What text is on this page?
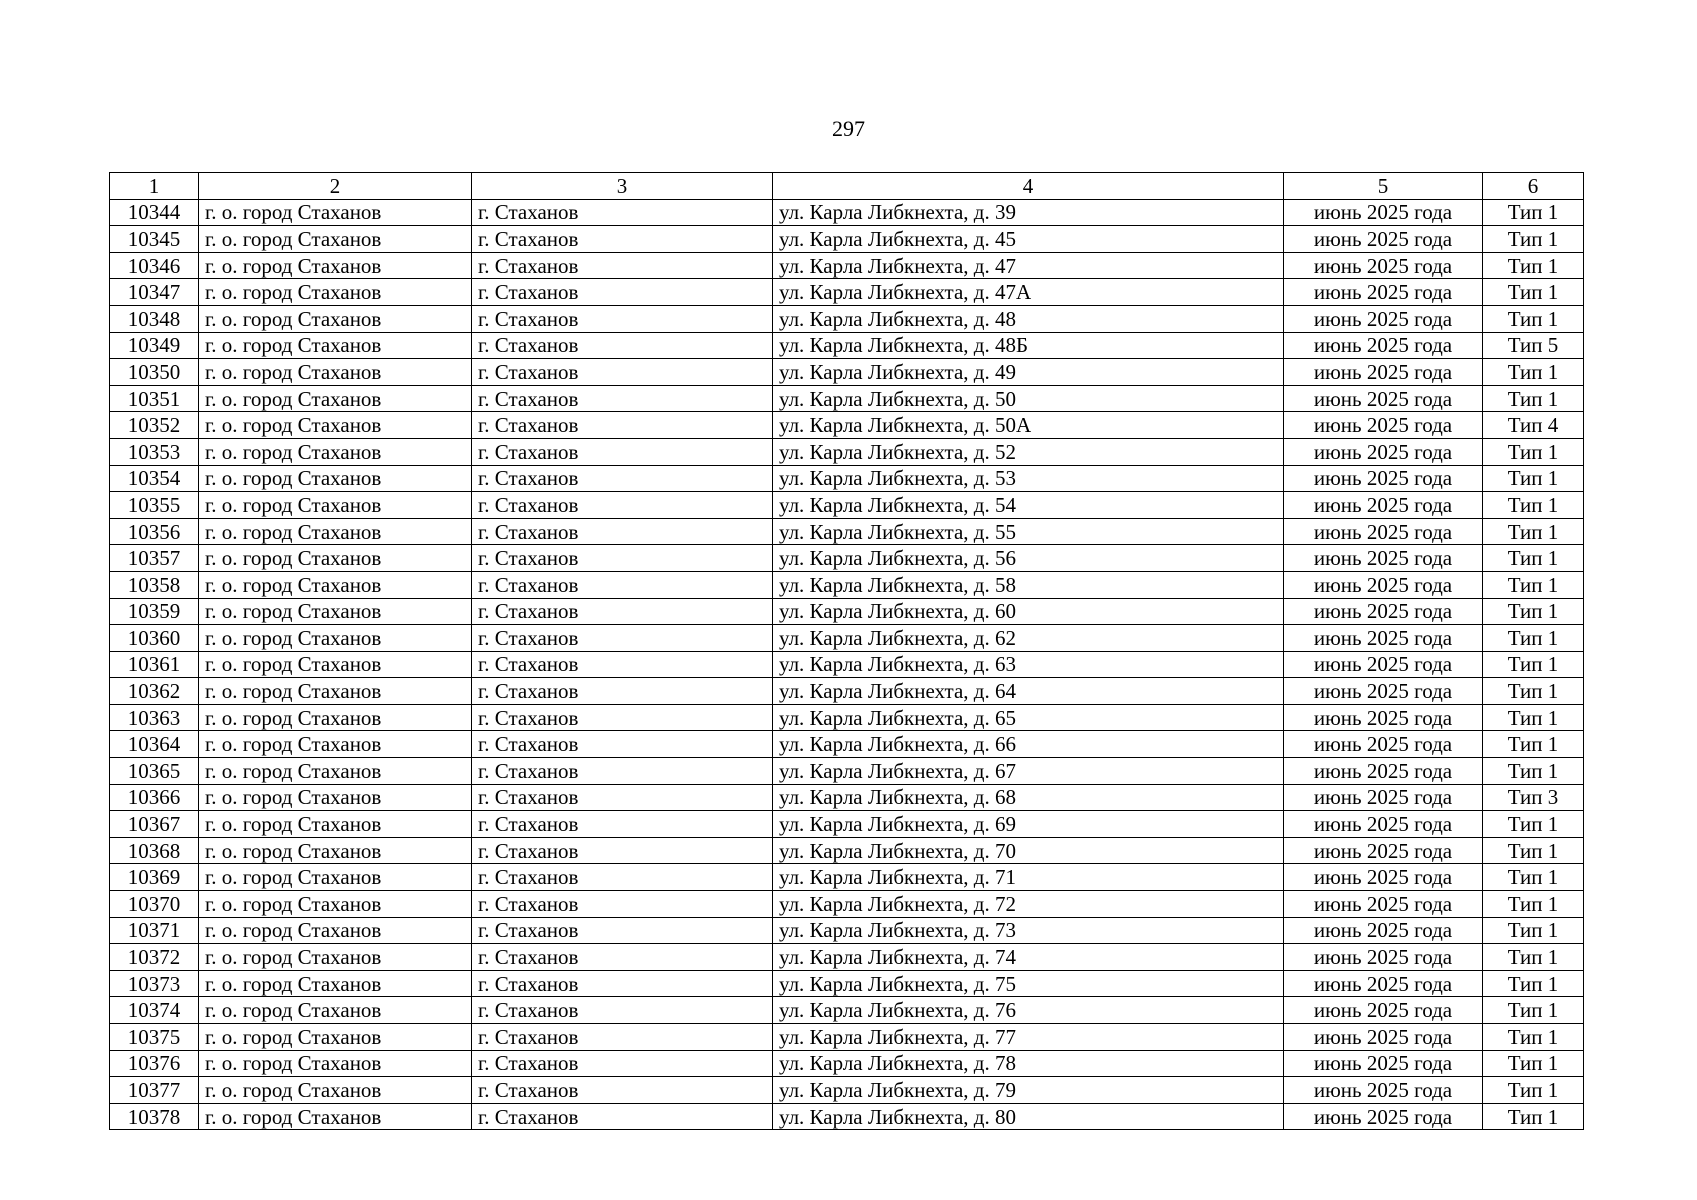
297
1	2	3	4	5	6
10344	г. о. город Стаханов	г. Стаханов	ул. Карла Либкнехта, д. 39	июнь 2025 года	Тип 1
10345	г. о. город Стаханов	г. Стаханов	ул. Карла Либкнехта, д. 45	июнь 2025 года	Тип 1
10346	г. о. город Стаханов	г. Стаханов	ул. Карла Либкнехта, д. 47	июнь 2025 года	Тип 1
10347	г. о. город Стаханов	г. Стаханов	ул. Карла Либкнехта, д. 47А	июнь 2025 года	Тип 1
10348	г. о. город Стаханов	г. Стаханов	ул. Карла Либкнехта, д. 48	июнь 2025 года	Тип 1
10349	г. о. город Стаханов	г. Стаханов	ул. Карла Либкнехта, д. 48Б	июнь 2025 года	Тип 5
10350	г. о. город Стаханов	г. Стаханов	ул. Карла Либкнехта, д. 49	июнь 2025 года	Тип 1
10351	г. о. город Стаханов	г. Стаханов	ул. Карла Либкнехта, д. 50	июнь 2025 года	Тип 1
10352	г. о. город Стаханов	г. Стаханов	ул. Карла Либкнехта, д. 50А	июнь 2025 года	Тип 4
10353	г. о. город Стаханов	г. Стаханов	ул. Карла Либкнехта, д. 52	июнь 2025 года	Тип 1
10354	г. о. город Стаханов	г. Стаханов	ул. Карла Либкнехта, д. 53	июнь 2025 года	Тип 1
10355	г. о. город Стаханов	г. Стаханов	ул. Карла Либкнехта, д. 54	июнь 2025 года	Тип 1
10356	г. о. город Стаханов	г. Стаханов	ул. Карла Либкнехта, д. 55	июнь 2025 года	Тип 1
10357	г. о. город Стаханов	г. Стаханов	ул. Карла Либкнехта, д. 56	июнь 2025 года	Тип 1
10358	г. о. город Стаханов	г. Стаханов	ул. Карла Либкнехта, д. 58	июнь 2025 года	Тип 1
10359	г. о. город Стаханов	г. Стаханов	ул. Карла Либкнехта, д. 60	июнь 2025 года	Тип 1
10360	г. о. город Стаханов	г. Стаханов	ул. Карла Либкнехта, д. 62	июнь 2025 года	Тип 1
10361	г. о. город Стаханов	г. Стаханов	ул. Карла Либкнехта, д. 63	июнь 2025 года	Тип 1
10362	г. о. город Стаханов	г. Стаханов	ул. Карла Либкнехта, д. 64	июнь 2025 года	Тип 1
10363	г. о. город Стаханов	г. Стаханов	ул. Карла Либкнехта, д. 65	июнь 2025 года	Тип 1
10364	г. о. город Стаханов	г. Стаханов	ул. Карла Либкнехта, д. 66	июнь 2025 года	Тип 1
10365	г. о. город Стаханов	г. Стаханов	ул. Карла Либкнехта, д. 67	июнь 2025 года	Тип 1
10366	г. о. город Стаханов	г. Стаханов	ул. Карла Либкнехта, д. 68	июнь 2025 года	Тип 3
10367	г. о. город Стаханов	г. Стаханов	ул. Карла Либкнехта, д. 69	июнь 2025 года	Тип 1
10368	г. о. город Стаханов	г. Стаханов	ул. Карла Либкнехта, д. 70	июнь 2025 года	Тип 1
10369	г. о. город Стаханов	г. Стаханов	ул. Карла Либкнехта, д. 71	июнь 2025 года	Тип 1
10370	г. о. город Стаханов	г. Стаханов	ул. Карла Либкнехта, д. 72	июнь 2025 года	Тип 1
10371	г. о. город Стаханов	г. Стаханов	ул. Карла Либкнехта, д. 73	июнь 2025 года	Тип 1
10372	г. о. город Стаханов	г. Стаханов	ул. Карла Либкнехта, д. 74	июнь 2025 года	Тип 1
10373	г. о. город Стаханов	г. Стаханов	ул. Карла Либкнехта, д. 75	июнь 2025 года	Тип 1
10374	г. о. город Стаханов	г. Стаханов	ул. Карла Либкнехта, д. 76	июнь 2025 года	Тип 1
10375	г. о. город Стаханов	г. Стаханов	ул. Карла Либкнехта, д. 77	июнь 2025 года	Тип 1
10376	г. о. город Стаханов	г. Стаханов	ул. Карла Либкнехта, д. 78	июнь 2025 года	Тип 1
10377	г. о. город Стаханов	г. Стаханов	ул. Карла Либкнехта, д. 79	июнь 2025 года	Тип 1
10378	г. о. город Стаханов	г. Стаханов	ул. Карла Либкнехта, д. 80	июнь 2025 года	Тип 1
